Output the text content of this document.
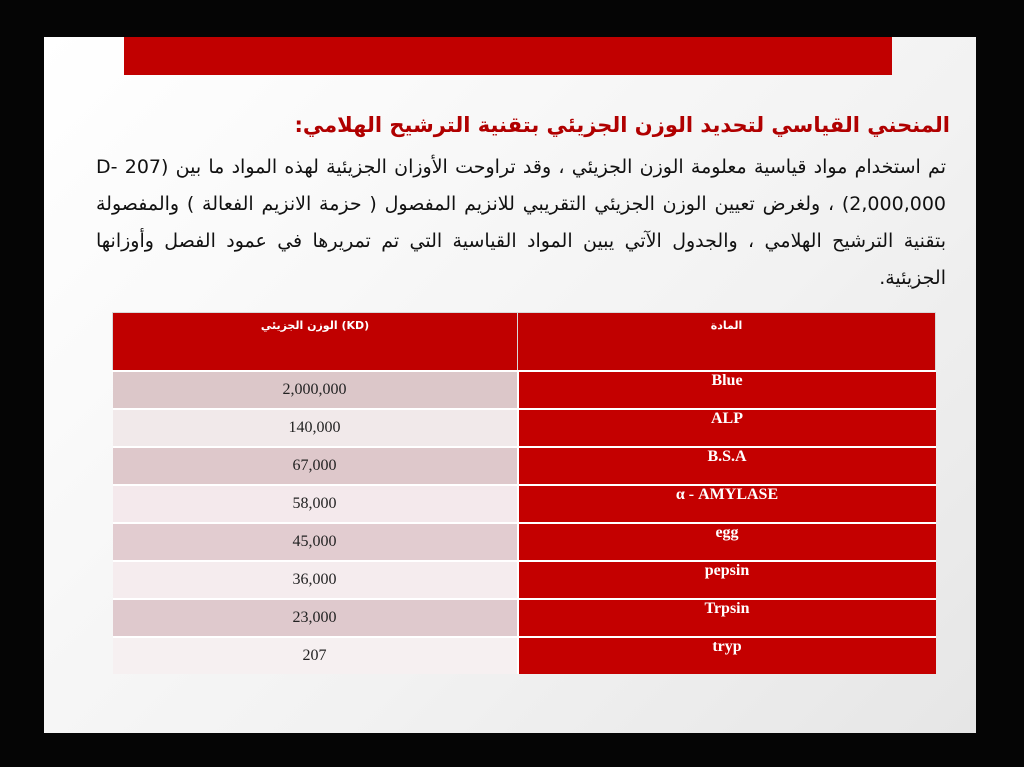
المنحني القياسي لتحديد الوزن الجزيئي بتقنية الترشيح الهلامي:

تم استخدام مواد قياسية معلومة الوزن الجزيئي ، وقد تراوحت الأوزان الجزيئية لهذه المواد ما بين (207 D- 2,000,000) ، ولغرض تعيين الوزن الجزيئي التقريبي للانزيم المفصول ( حزمة الانزيم الفعالة ) والمفصولة بتقنية الترشيح الهلامي ، والجدول الآتي يبين المواد القياسية التي تم تمريرها في عمود الفصل وأوزانها الجزيئية.

الوزن الجزيئي (KD)	المادة
2,000,000	Blue
140,000	ALP
67,000	B.S.A
58,000	α - AMYLASE
45,000	egg
36,000	pepsin
23,000	Trpsin
207	tryp
